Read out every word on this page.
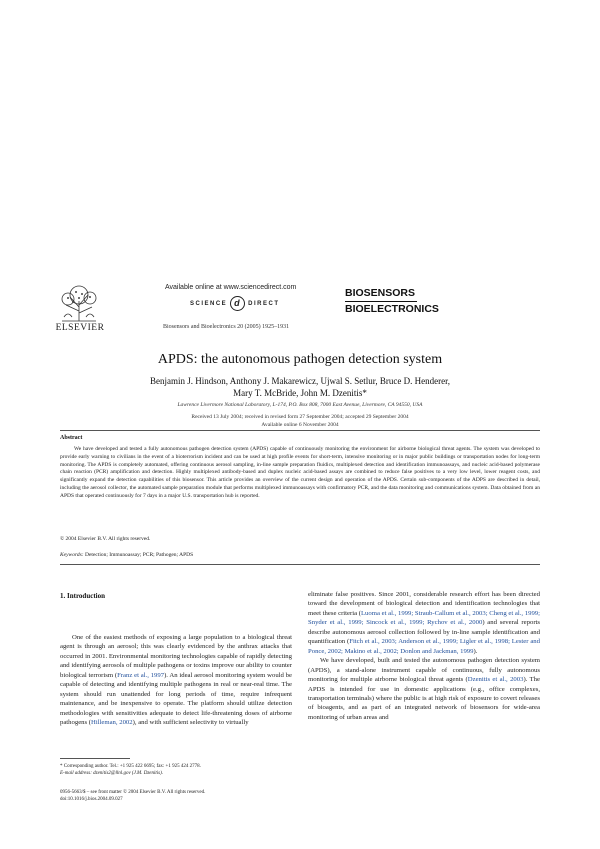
ELSEVIER
Available online at www.sciencedirect.com
SCIENCE d DIRECT
Biosensors and Bioelectronics 20 (2005) 1925–1931
BIOSENSORS
BIOELECTRONICS
APDS: the autonomous pathogen detection system
Benjamin J. Hindson, Anthony J. Makarewicz, Ujwal S. Setlur, Bruce D. Henderer,
Mary T. McBride, John M. Dzenitis*
Lawrence Livermore National Laboratory, L-174, P.O. Box 808, 7000 East Avenue, Livermore, CA 94550, USA
Received 13 July 2004; received in revised form 27 September 2004; accepted 29 September 2004
Available online 6 November 2004
Abstract
We have developed and tested a fully autonomous pathogen detection system (APDS) capable of continuously monitoring the environment for airborne biological threat agents. The system was developed to provide early warning to civilians in the event of a bioterrorism incident and can be used at high profile events for short-term, intensive monitoring or in major public buildings or transportation nodes for long-term monitoring. The APDS is completely automated, offering continuous aerosol sampling, in-line sample preparation fluidics, multiplexed detection and identification immunoassays, and nucleic acid-based polymerase chain reaction (PCR) amplification and detection. Highly multiplexed antibody-based and duplex nucleic acid-based assays are combined to reduce false positives to a very low level, lower reagent costs, and significantly expand the detection capabilities of this biosensor. This article provides an overview of the current design and operation of the APDS. Certain sub-components of the ADPS are described in detail, including the aerosol collector, the automated sample preparation module that performs multiplexed immunoassays with confirmatory PCR, and the data monitoring and communications system. Data obtained from an APDS that operated continuously for 7 days in a major U.S. transportation hub is reported.
© 2004 Elsevier B.V. All rights reserved.
Keywords: Detection; Immunoassay; PCR; Pathogen; APDS
1. Introduction

One of the easiest methods of exposing a large population to a biological threat agent is through an aerosol; this was clearly evidenced by the anthrax attacks that occurred in 2001. Environmental monitoring technologies capable of rapidly detecting and identifying aerosols of multiple pathogens or toxins improve our ability to counter biological terrorism (Franz et al., 1997). An ideal aerosol monitoring system would be capable of detecting and identifying multiple pathogens in real or near-real time. The system should run unattended for long periods of time, require infrequent maintenance, and be inexpensive to operate. The platform should utilize detection methodologies with sensitivities adequate to detect life-threatening doses of airborne pathogens (Hilleman, 2002), and with sufficient selectivity to virtually

eliminate false positives. Since 2001, considerable research effort has been directed toward the development of biological detection and identification technologies that meet these criteria (Luoma et al., 1999; Straub-Callum et al., 2003; Cheng et al., 1999; Snyder et al., 1999; Sincock et al., 1999; Rychov et al., 2000) and several reports describe autonomous aerosol collection followed by in-line sample identification and quantification (Fitch et al., 2003; Anderson et al., 1999; Ligler et al., 1998; Lester and Ponce, 2002; Makino et al., 2002; Donlon and Jackman, 1999).

We have developed, built and tested the autonomous pathogen detection system (APDS), a stand-alone instrument capable of continuous, fully autonomous monitoring for multiple airborne biological threat agents (Dzenitis et al., 2003). The APDS is intended for use in domestic applications (e.g., office complexes, transportation terminals) where the public is at high risk of exposure to covert releases of bioagents, and as part of an integrated network of biosensors for wide-area monitoring of urban areas and

* Corresponding author. Tel.: +1 925 422 6695; fax: +1 925 424 2778.
E-mail address: dzenitis2@llnl.gov (J.M. Dzenitis).
0956-5663/$ – see front matter © 2004 Elsevier B.V. All rights reserved.
doi:10.1016/j.bios.2004.09.027
